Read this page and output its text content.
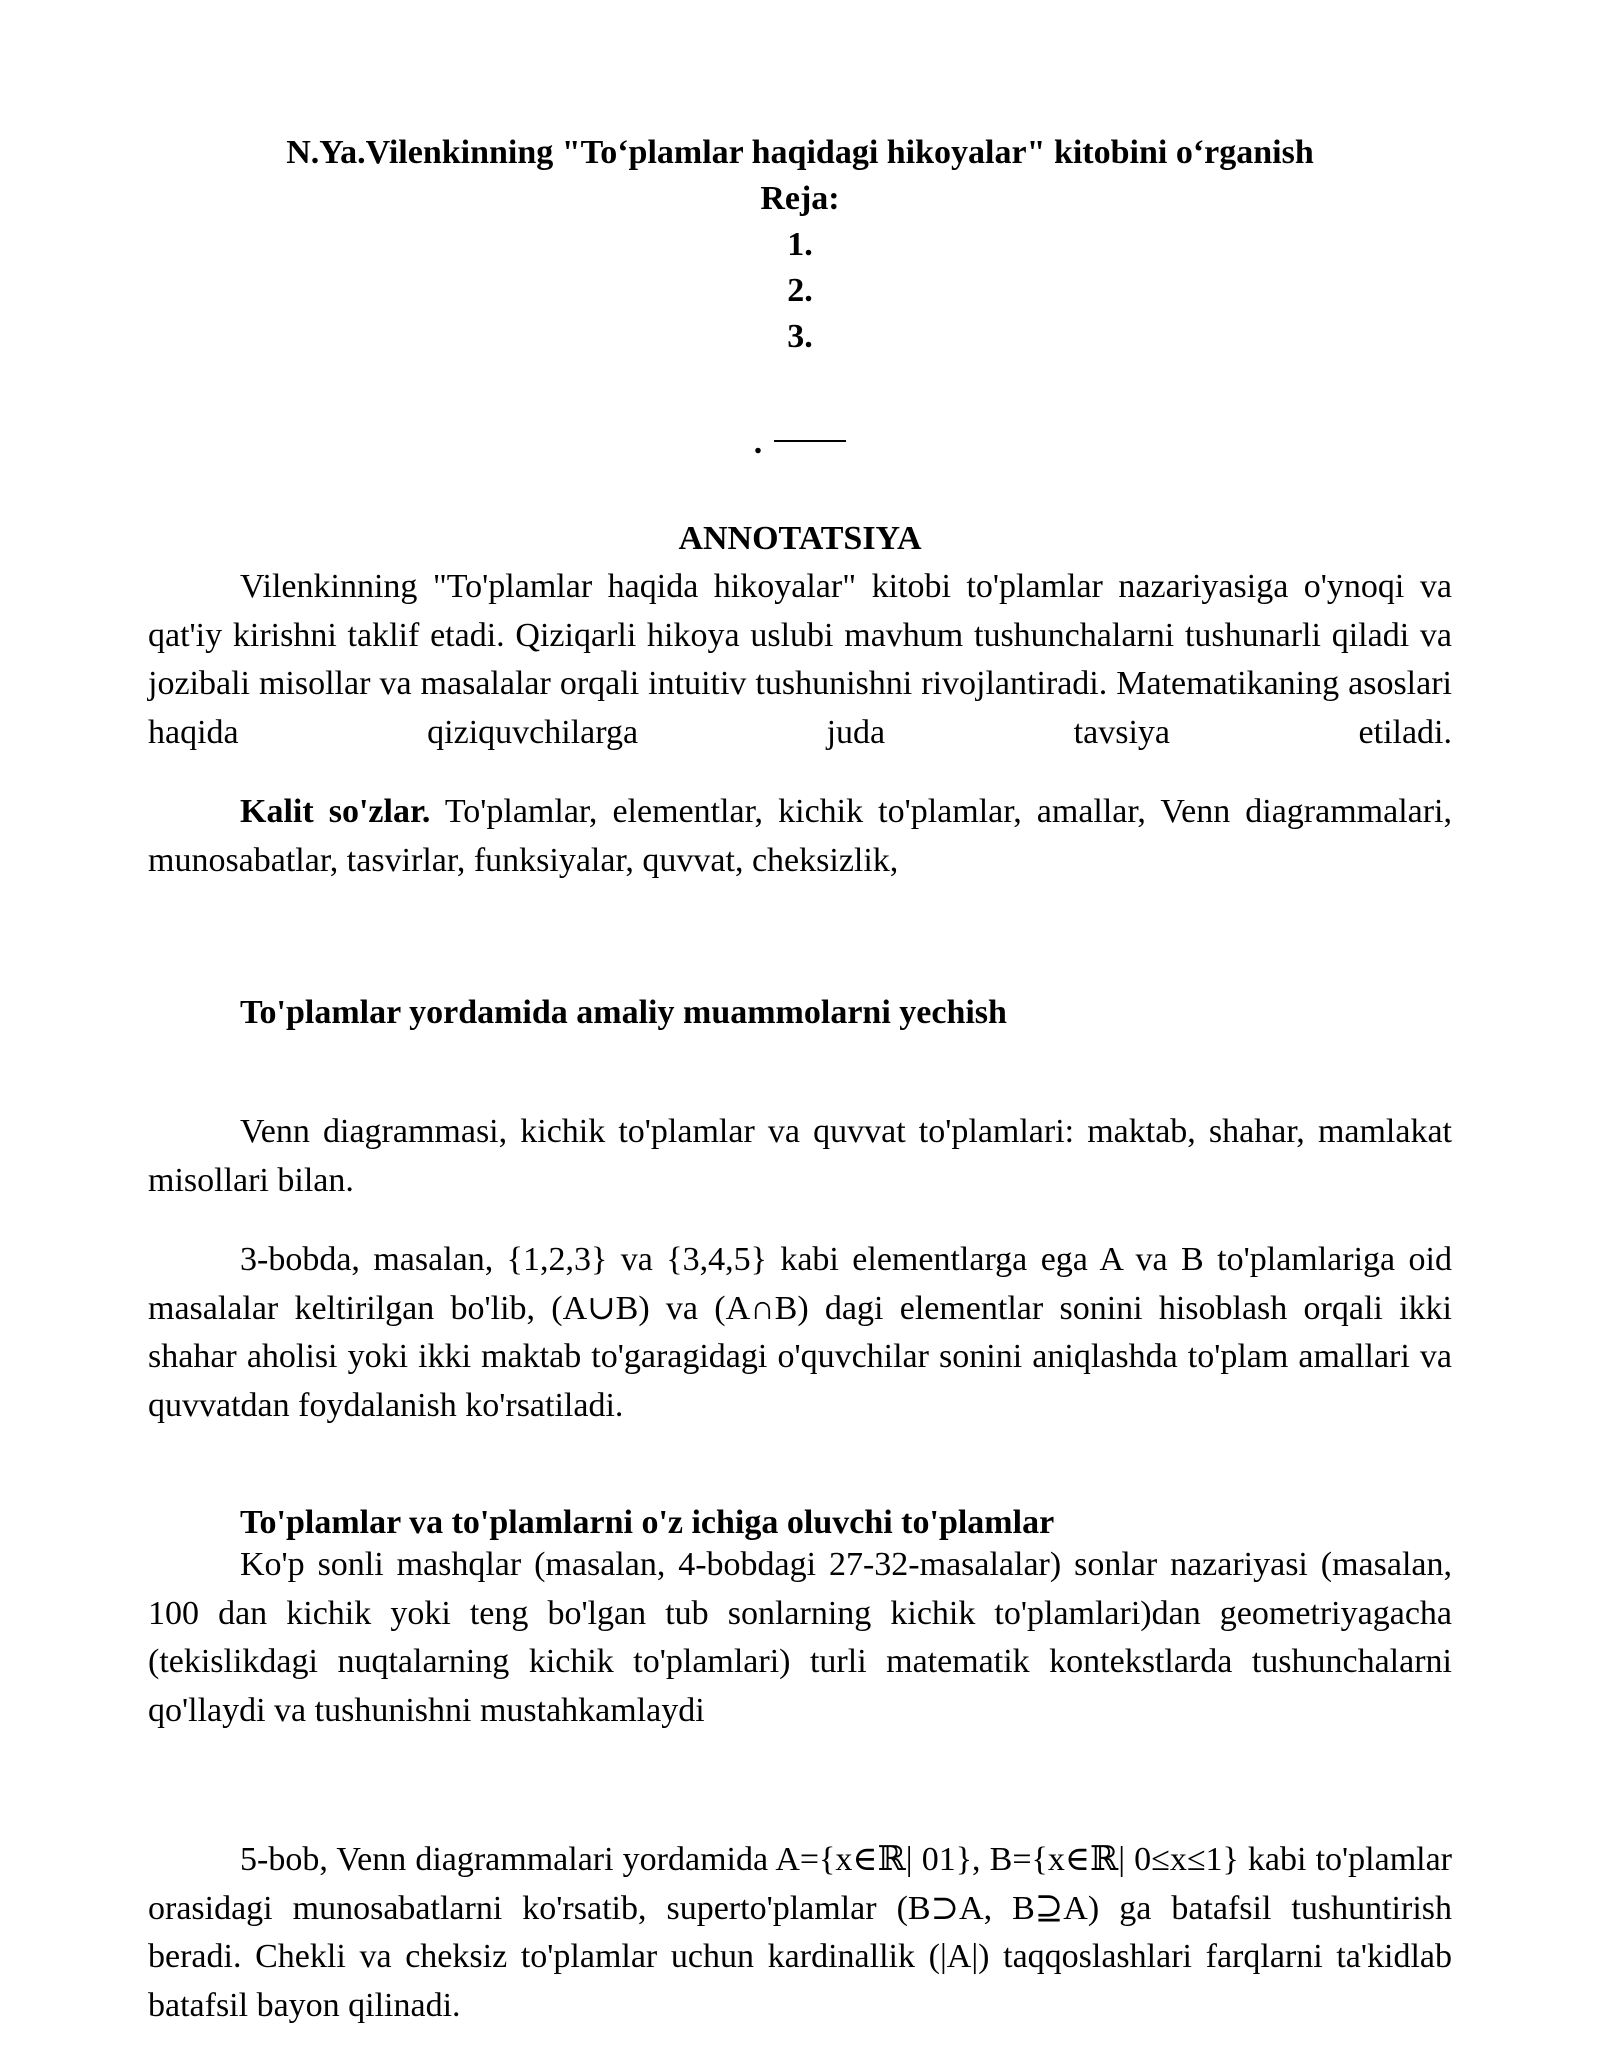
N.Ya.Vilenkinning "To‘plamlar haqidagi hikoyalar" kitobini o‘rganish
Reja:
1.
2.
3.
.
ANNOTATSIYA
Vilenkinning "To'plamlar haqida hikoyalar" kitobi to'plamlar nazariyasiga o'ynoqi va qat'iy kirishni taklif etadi. Qiziqarli hikoya uslubi mavhum tushunchalarni tushunarli qiladi va jozibali misollar va masalalar orqali intuitiv tushunishni rivojlantiradi. Matematikaning asoslari haqida qiziquvchilarga juda tavsiya etiladi.
Kalit so'zlar. To'plamlar, elementlar, kichik to'plamlar, amallar, Venn diagrammalari, munosabatlar, tasvirlar, funksiyalar, quvvat, cheksizlik,
To'plamlar yordamida amaliy muammolarni yechish
Venn diagrammasi, kichik to'plamlar va quvvat to'plamlari: maktab, shahar, mamlakat misollari bilan.
3-bobda, masalan, {1,2,3} va {3,4,5} kabi elementlarga ega A va B to'plamlariga oid masalalar keltirilgan bo'lib, (A∪B) va (A∩B) dagi elementlar sonini hisoblash orqali ikki shahar aholisi yoki ikki maktab to'garagidagi o'quvchilar sonini aniqlashda to'plam amallari va quvvatdan foydalanish ko'rsatiladi.
To'plamlar va to'plamlarni o'z ichiga oluvchi to'plamlar
Ko'p sonli mashqlar (masalan, 4-bobdagi 27-32-masalalar) sonlar nazariyasi (masalan, 100 dan kichik yoki teng bo'lgan tub sonlarning kichik to'plamlari)dan geometriyagacha (tekislikdagi nuqtalarning kichik to'plamlari) turli matematik kontekstlarda tushunchalarni qo'llaydi va tushunishni mustahkamlaydi
5-bob, Venn diagrammalari yordamida A={x∈ℝ| 01}, B={x∈ℝ| 0≤x≤1} kabi to'plamlar orasidagi munosabatlarni ko'rsatib, superto'plamlar (B⊃A, B⊇A) ga batafsil tushuntirish beradi. Chekli va cheksiz to'plamlar uchun kardinallik (|A|) taqqoslashlari farqlarni ta'kidlab batafsil bayon qilinadi.
